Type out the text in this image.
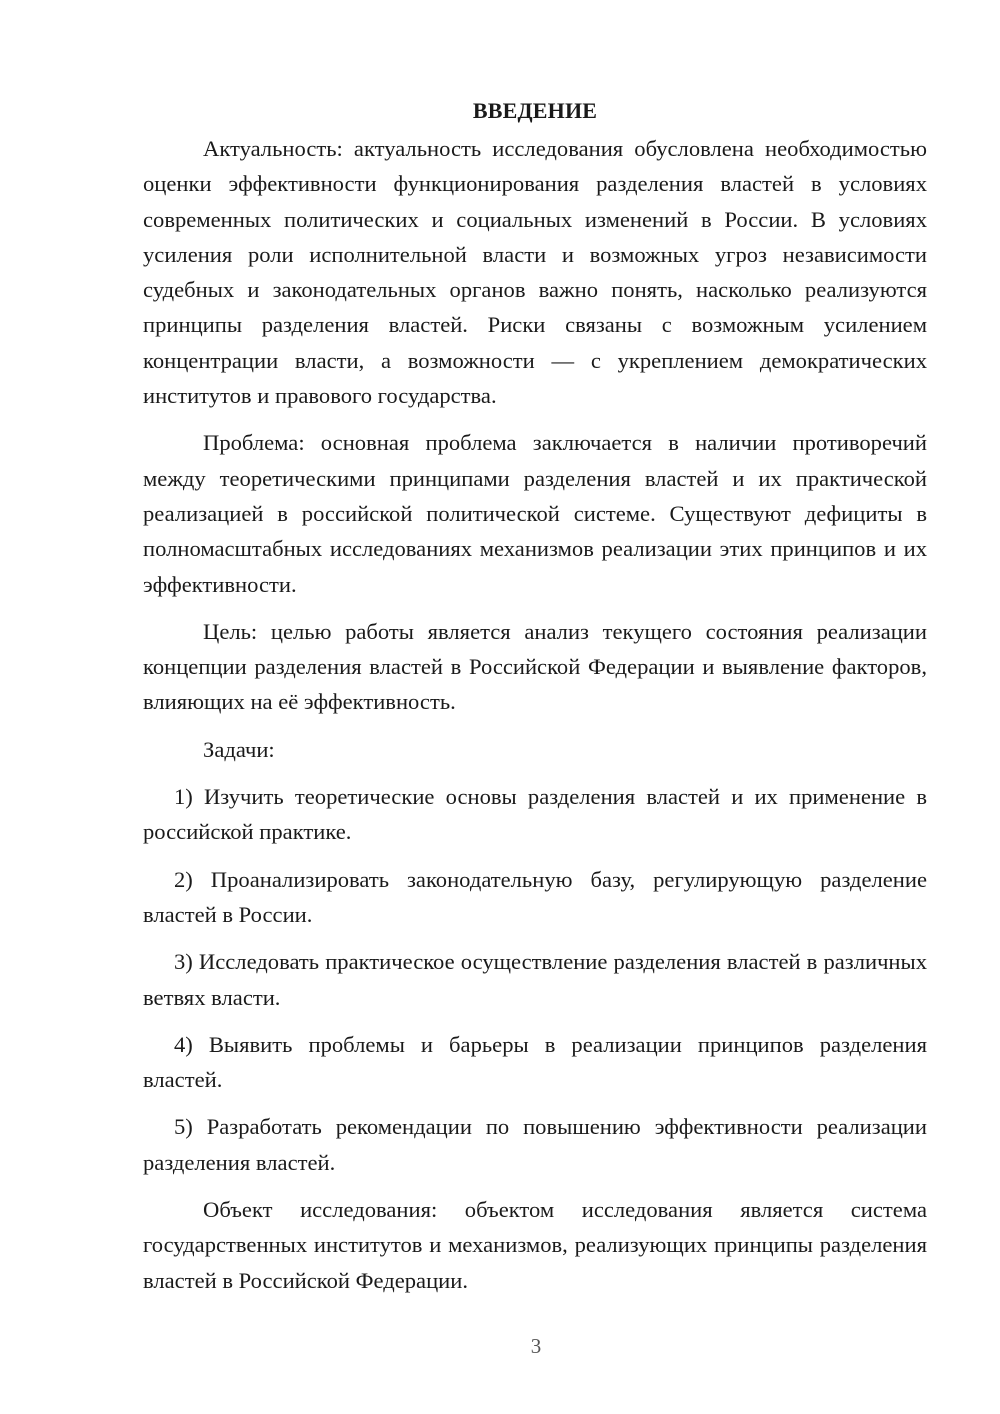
ВВЕДЕНИЕ

Актуальность: актуальность исследования обусловлена необходимостью оценки эффективности функционирования разделения властей в условиях современных политических и социальных изменений в России. В условиях усиления роли исполнительной власти и возможных угроз независимости судебных и законодательных органов важно понять, насколько реализуются принципы разделения властей. Риски связаны с возможным усилением концентрации власти, а возможности — с укреплением демократических институтов и правового государства.

Проблема: основная проблема заключается в наличии противоречий между теоретическими принципами разделения властей и их практической реализацией в российской политической системе. Существуют дефициты в полномасштабных исследованиях механизмов реализации этих принципов и их эффективности.

Цель: целью работы является анализ текущего состояния реализации концепции разделения властей в Российской Федерации и выявление факторов, влияющих на её эффективность.

Задачи:

1) Изучить теоретические основы разделения властей и их применение в российской практике.

2) Проанализировать законодательную базу, регулирующую разделение властей в России.

3) Исследовать практическое осуществление разделения властей в различных ветвях власти.

4) Выявить проблемы и барьеры в реализации принципов разделения властей.

5) Разработать рекомендации по повышению эффективности реализации разделения властей.

Объект исследования: объектом исследования является система государственных институтов и механизмов, реализующих принципы разделения властей в Российской Федерации.

3
